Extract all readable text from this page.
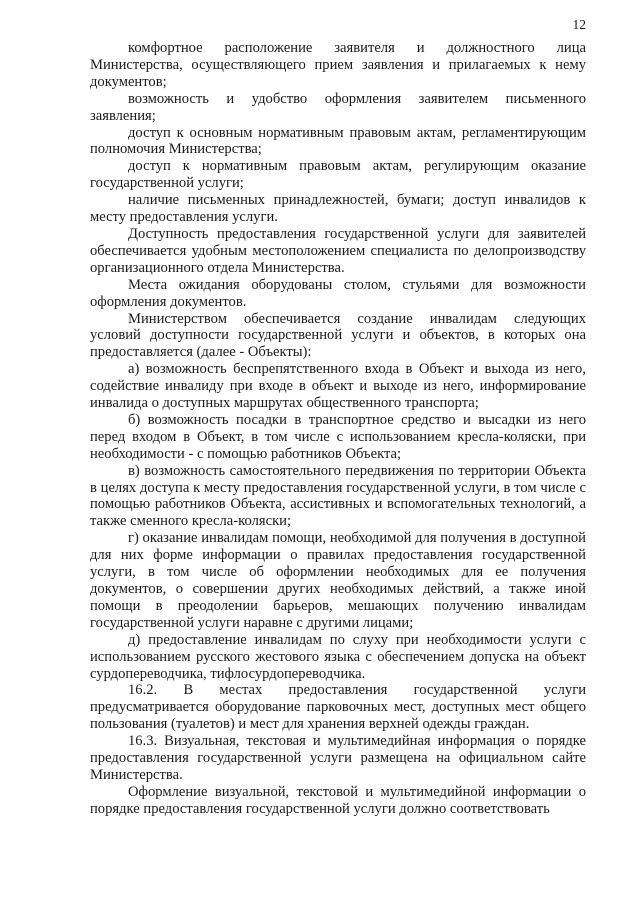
12

комфортное расположение заявителя и должностного лица Министерства, осуществляющего прием заявления и прилагаемых к нему документов;

возможность и удобство оформления заявителем письменного заявления;

доступ к основным нормативным правовым актам, регламентирующим полномочия Министерства;

доступ к нормативным правовым актам, регулирующим оказание государственной услуги;

наличие письменных принадлежностей, бумаги; доступ инвалидов к месту предоставления услуги.

Доступность предоставления государственной услуги для заявителей обеспечивается удобным местоположением специалиста по делопроизводству организационного отдела Министерства.

Места ожидания оборудованы столом, стульями для возможности оформления документов.

Министерством обеспечивается создание инвалидам следующих условий доступности государственной услуги и объектов, в которых она предоставляется (далее - Объекты):

а) возможность беспрепятственного входа в Объект и выхода из него, содействие инвалиду при входе в объект и выходе из него, информирование инвалида о доступных маршрутах общественного транспорта;

б) возможность посадки в транспортное средство и высадки из него перед входом в Объект, в том числе с использованием кресла-коляски, при необходимости - с помощью работников Объекта;

в) возможность самостоятельного передвижения по территории Объекта в целях доступа к месту предоставления государственной услуги, в том числе с помощью работников Объекта, ассистивных и вспомогательных технологий, а также сменного кресла-коляски;

г) оказание инвалидам помощи, необходимой для получения в доступной для них форме информации о правилах предоставления государственной услуги, в том числе об оформлении необходимых для ее получения документов, о совершении других необходимых действий, а также иной помощи в преодолении барьеров, мешающих получению инвалидам государственной услуги наравне с другими лицами;

д) предоставление инвалидам по слуху при необходимости услуги с использованием русского жестового языка с обеспечением допуска на объект сурдопереводчика, тифлосурдопереводчика.

16.2. В местах предоставления государственной услуги предусматривается оборудование парковочных мест, доступных мест общего пользования (туалетов) и мест для хранения верхней одежды граждан.

16.3. Визуальная, текстовая и мультимедийная информация о порядке предоставления государственной услуги размещена на официальном сайте Министерства.

Оформление визуальной, текстовой и мультимедийной информации о порядке предоставления государственной услуги должно соответствовать
